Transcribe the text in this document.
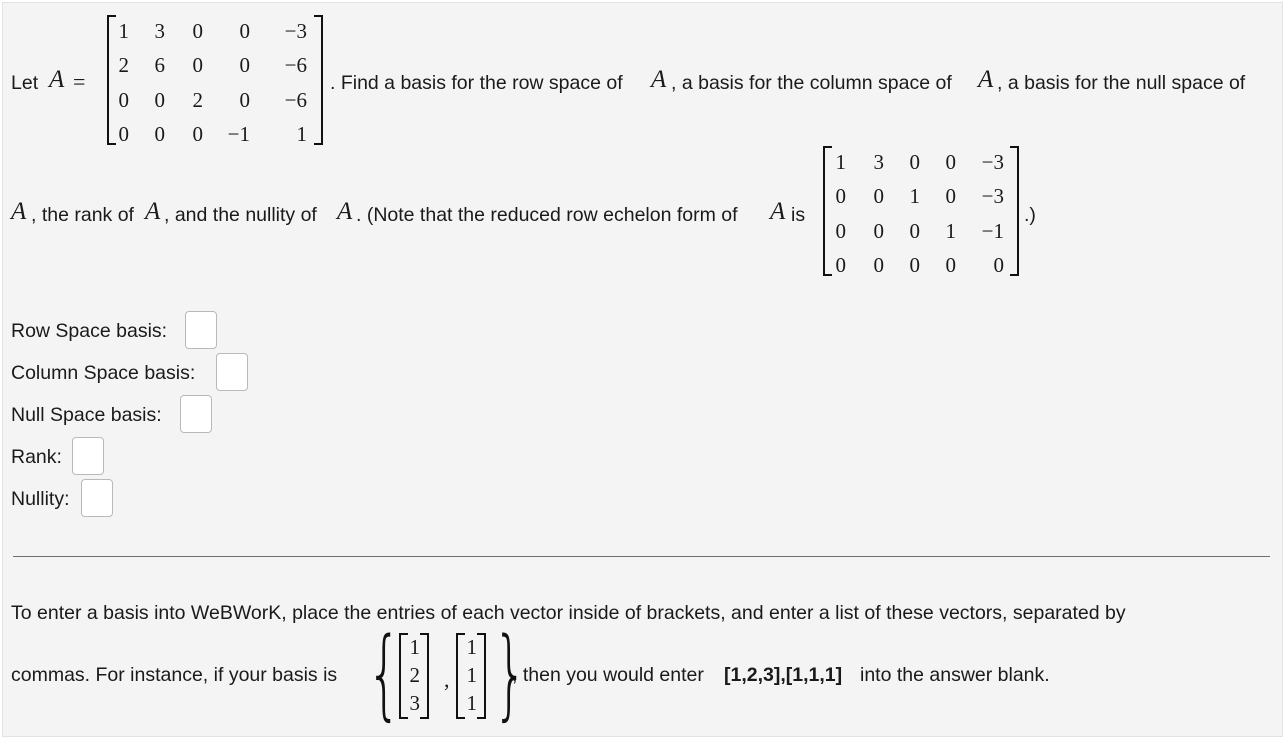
Let A =
1 3 0 0 −3
2 6 0 0 −6
0 0 2 0 −6
0 0 0 −1 1
. Find a basis for the row space of A , a basis for the column space of A , a basis for the null space of
A , the rank of A , and the nullity of A . (Note that the reduced row echelon form of A is
1 3 0 0 −3
0 0 1 0 −3
0 0 0 1 −1
0 0 0 0 0
.)
Row Space basis:
Column Space basis:
Null Space basis:
Rank:
Nullity:
To enter a basis into WeBWorK, place the entries of each vector inside of brackets, and enter a list of these vectors, separated by
commas. For instance, if your basis is { 1
2
3
,
1
1
1 }
, then you would enter [1,2,3],[1,1,1] into the answer blank.
